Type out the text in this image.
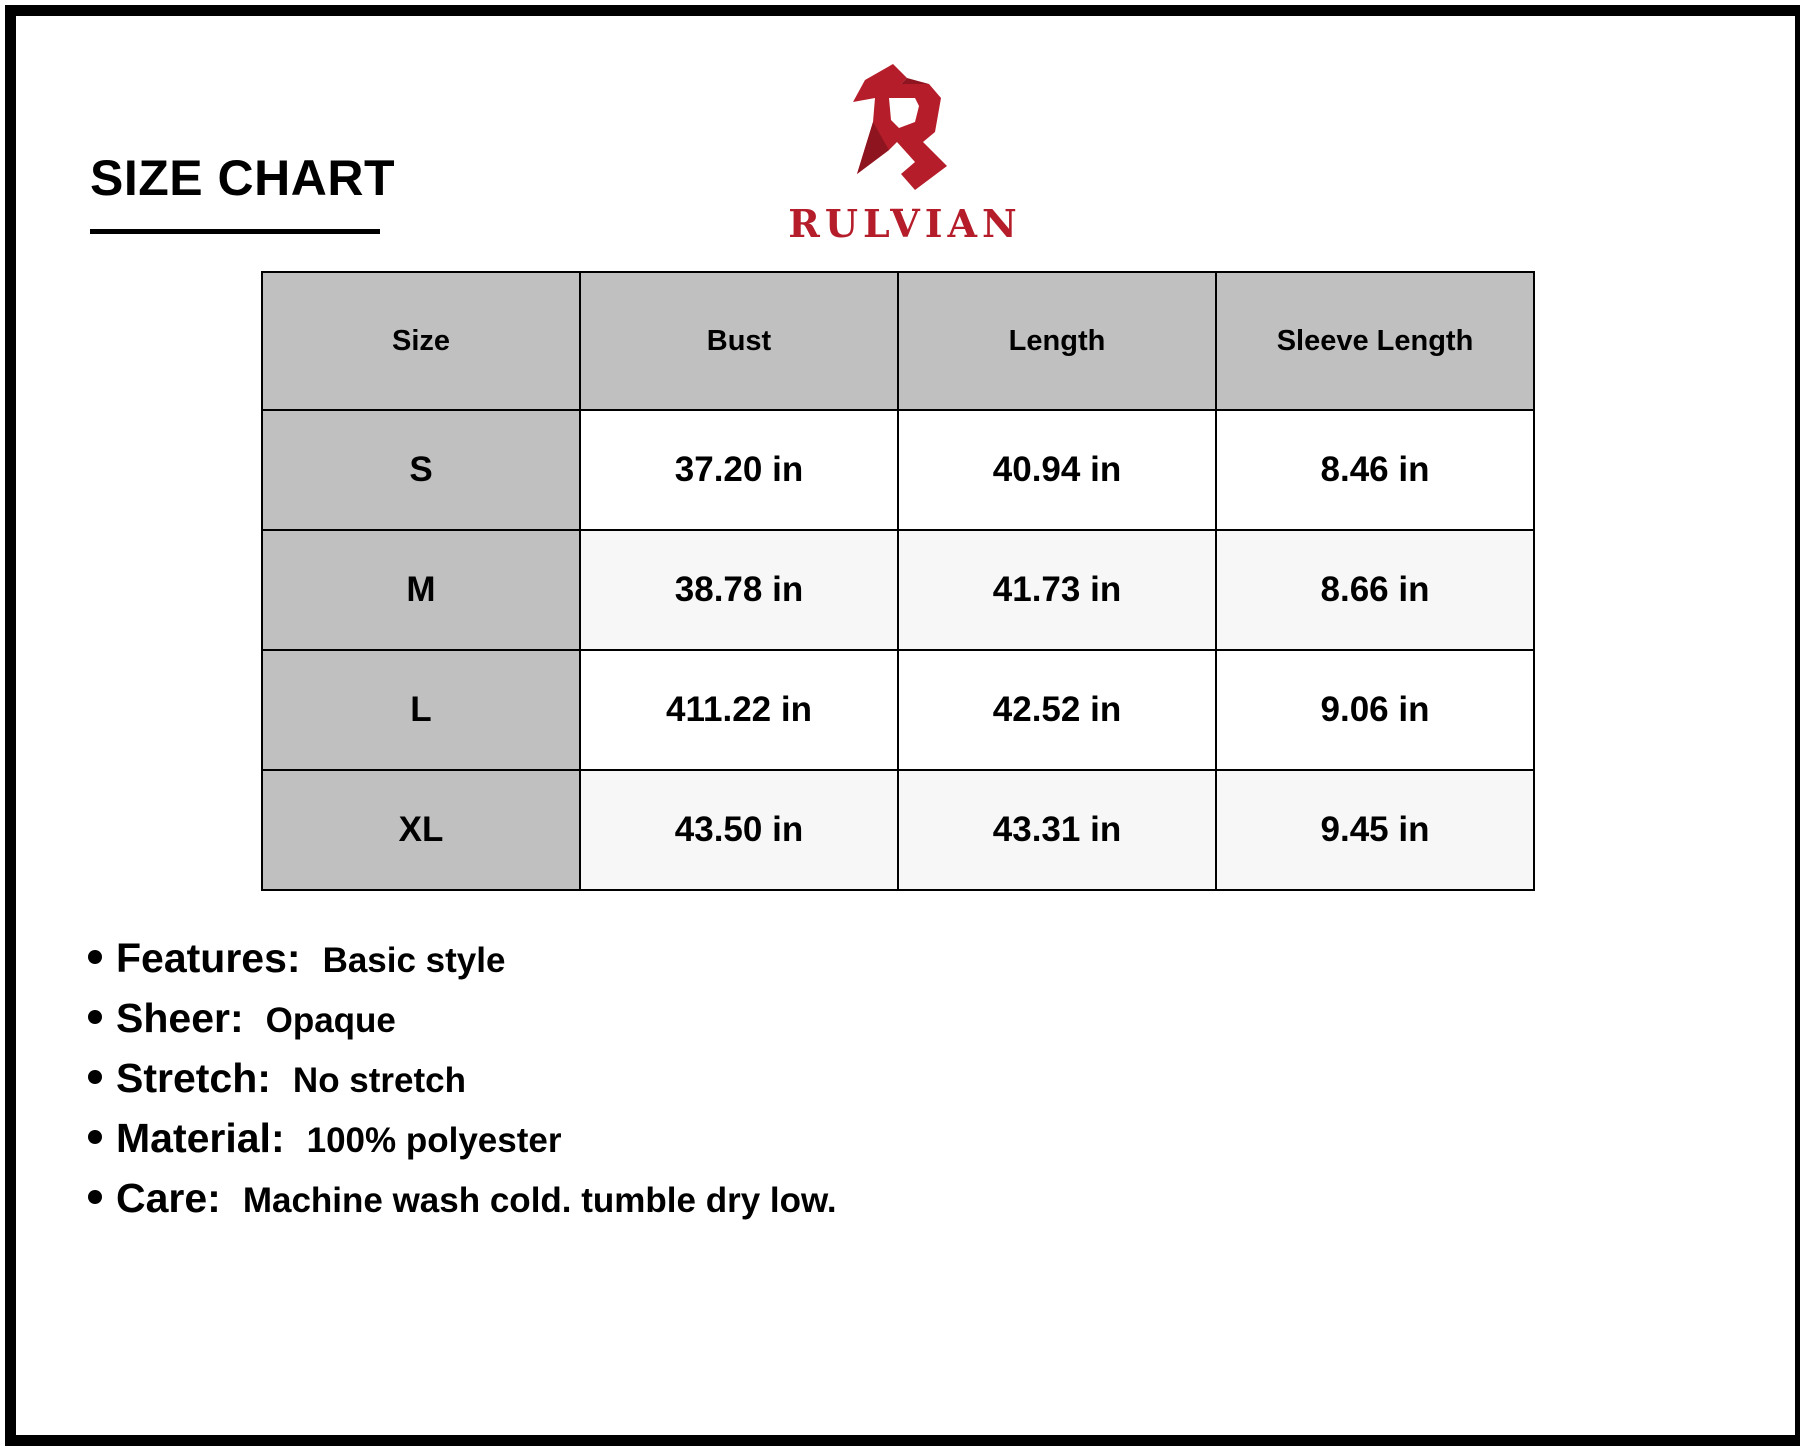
SIZE CHART
RULVIAN
Size	Bust	Length	Sleeve Length
S	37.20 in	40.94 in	8.46 in
M	38.78 in	41.73 in	8.66 in
L	411.22 in	42.52 in	9.06 in
XL	43.50 in	43.31 in	9.45 in
Features: Basic style
Sheer: Opaque
Stretch: No stretch
Material: 100% polyester
Care: Machine wash cold. tumble dry low.
